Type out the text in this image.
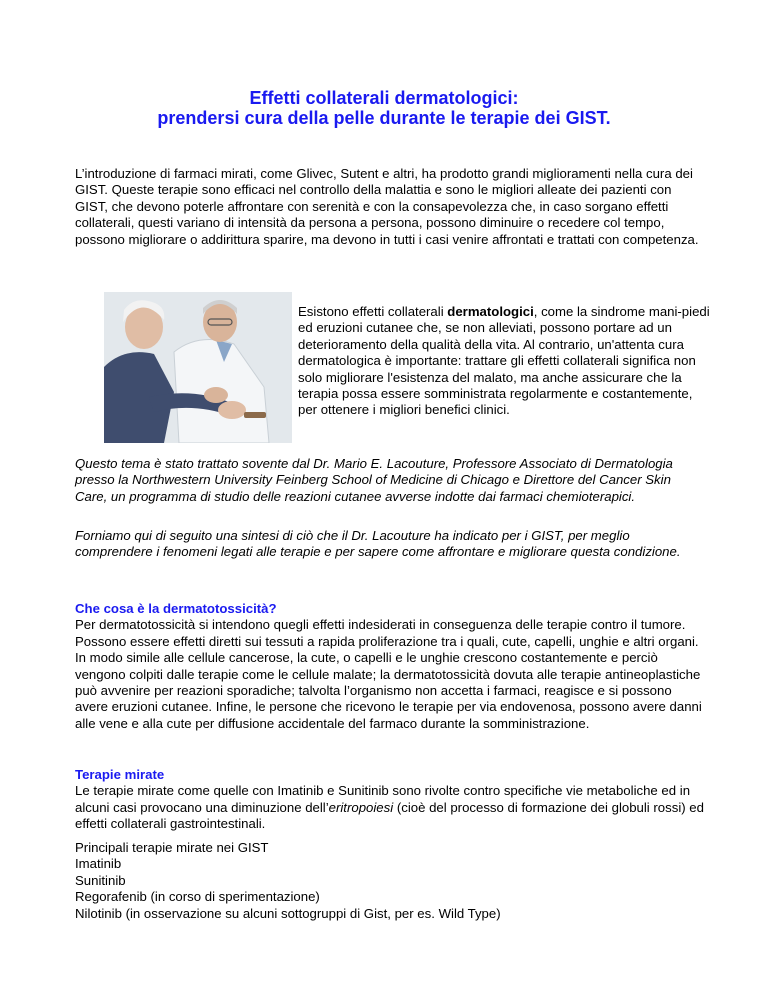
Effetti collaterali dermatologici:
prendersi cura della pelle durante le terapie dei GIST.
L’introduzione di farmaci mirati, come Glivec, Sutent e altri, ha prodotto grandi miglioramenti nella cura dei GIST. Queste terapie sono efficaci nel controllo della malattia e sono le migliori alleate dei pazienti con GIST, che devono poterle affrontare con serenità e con la consapevolezza che, in caso sorgano effetti collaterali, questi variano di intensità da persona a persona, possono diminuire o recedere col tempo, possono migliorare o addirittura sparire, ma devono in tutti i casi venire affrontati e trattati con competenza.
Esistono effetti collaterali dermatologici, come la sindrome mani-piedi ed eruzioni cutanee che, se non alleviati, possono portare ad un deterioramento della qualità della vita. Al contrario, un'attenta cura dermatologica è importante: trattare gli effetti collaterali significa non solo migliorare l'esistenza del malato, ma anche assicurare che la terapia possa essere somministrata regolarmente e costantemente, per ottenere i migliori benefici clinici.
Questo tema è stato trattato sovente dal Dr. Mario E. Lacouture, Professore Associato di Dermatologia presso la Northwestern University Feinberg School of Medicine di Chicago e Direttore del Cancer Skin Care, un programma di studio delle reazioni cutanee avverse indotte dai farmaci chemioterapici.
Forniamo qui di seguito una sintesi di ciò che il Dr. Lacouture ha indicato per i GIST, per meglio comprendere i fenomeni legati alle terapie e per sapere come affrontare e migliorare questa condizione.
Che cosa è la dermatotossicità?
Per dermatotossicità si intendono quegli effetti indesiderati in conseguenza delle terapie contro il tumore. Possono essere effetti diretti sui tessuti a rapida proliferazione tra i quali, cute, capelli, unghie e altri organi. In modo simile alle cellule cancerose, la cute, o capelli e le unghie crescono costantemente e perciò vengono colpiti dalle terapie come le cellule malate; la dermatotossicità dovuta alle terapie antineoplastiche può avvenire per reazioni sporadiche; talvolta l’organismo non accetta i farmaci, reagisce e si possono avere eruzioni cutanee. Infine, le persone che ricevono le terapie per via endovenosa, possono avere danni alle vene e alla cute per diffusione accidentale del farmaco durante la somministrazione.
Terapie mirate
Le terapie mirate come quelle con Imatinib e Sunitinib sono rivolte contro specifiche vie metaboliche ed in alcuni casi provocano una diminuzione dell’eritropoiesi (cioè del processo di formazione dei globuli rossi) ed effetti collaterali gastrointestinali.
Principali terapie mirate nei GIST
Imatinib
Sunitinib
Regorafenib (in corso di sperimentazione)
Nilotinib (in osservazione su alcuni sottogruppi di Gist, per es. Wild Type)
